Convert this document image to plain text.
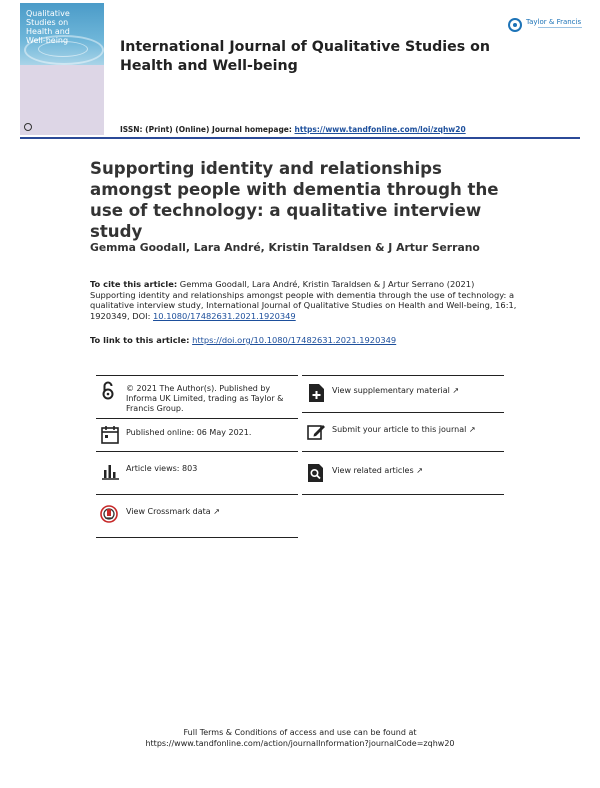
Qualitative Studies on
Health and
Well-being	International Journal of Qualitative Studies on Health and Well-being
Taylor & Francis
ISSN: (Print) (Online) Journal homepage: https://www.tandfonline.com/loi/zqhw20
Supporting identity and relationships amongst people with dementia through the use of technology: a qualitative interview study
Gemma Goodall, Lara André, Kristin Taraldsen & J Artur Serrano
To cite this article: Gemma Goodall, Lara André, Kristin Taraldsen & J Artur Serrano (2021) Supporting identity and relationships amongst people with dementia through the use of technology: a qualitative interview study, International Journal of Qualitative Studies on Health and Well-being, 16:1, 1920349, DOI: 10.1080/17482631.2021.1920349
To link to this article: https://doi.org/10.1080/17482631.2021.1920349
© 2021 The Author(s). Published by Informa UK Limited, trading as Taylor & Francis Group.
Published online: 06 May 2021.
Article views: 803
View Crossmark data ↗
View supplementary material ↗
Submit your article to this journal ↗
View related articles ↗
Full Terms & Conditions of access and use can be found at
https://www.tandfonline.com/action/journalInformation?journalCode=zqhw20
